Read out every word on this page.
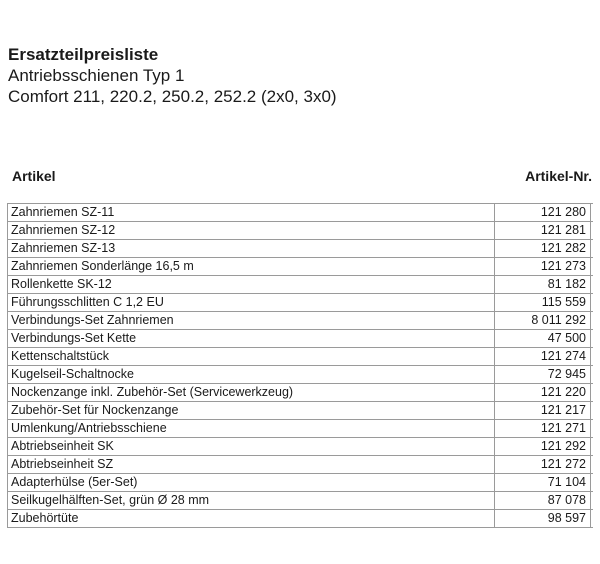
Ersatzteilpreisliste
Antriebsschienen Typ 1
Comfort 211, 220.2, 250.2, 252.2 (2x0, 3x0)
Artikel	Artikel-Nr.
Zahnriemen SZ-11	121 280	
Zahnriemen SZ-12	121 281	
Zahnriemen SZ-13	121 282	
Zahnriemen Sonderlänge 16,5 m	121 273	
Rollenkette SK-12	81 182	
Führungsschlitten C 1,2 EU	115 559	
Verbindungs-Set Zahnriemen	8 011 292	
Verbindungs-Set Kette	47 500	
Kettenschaltstück	121 274	
Kugelseil-Schaltnocke	72 945	
Nockenzange inkl. Zubehör-Set (Servicewerkzeug)	121 220	
Zubehör-Set für Nockenzange	121 217	
Umlenkung/Antriebsschiene	121 271	
Abtriebseinheit SK	121 292	
Abtriebseinheit SZ	121 272	
Adapterhülse (5er-Set)	71 104	
Seilkugelhälften-Set, grün Ø 28 mm	87 078	
Zubehörtüte	98 597	
